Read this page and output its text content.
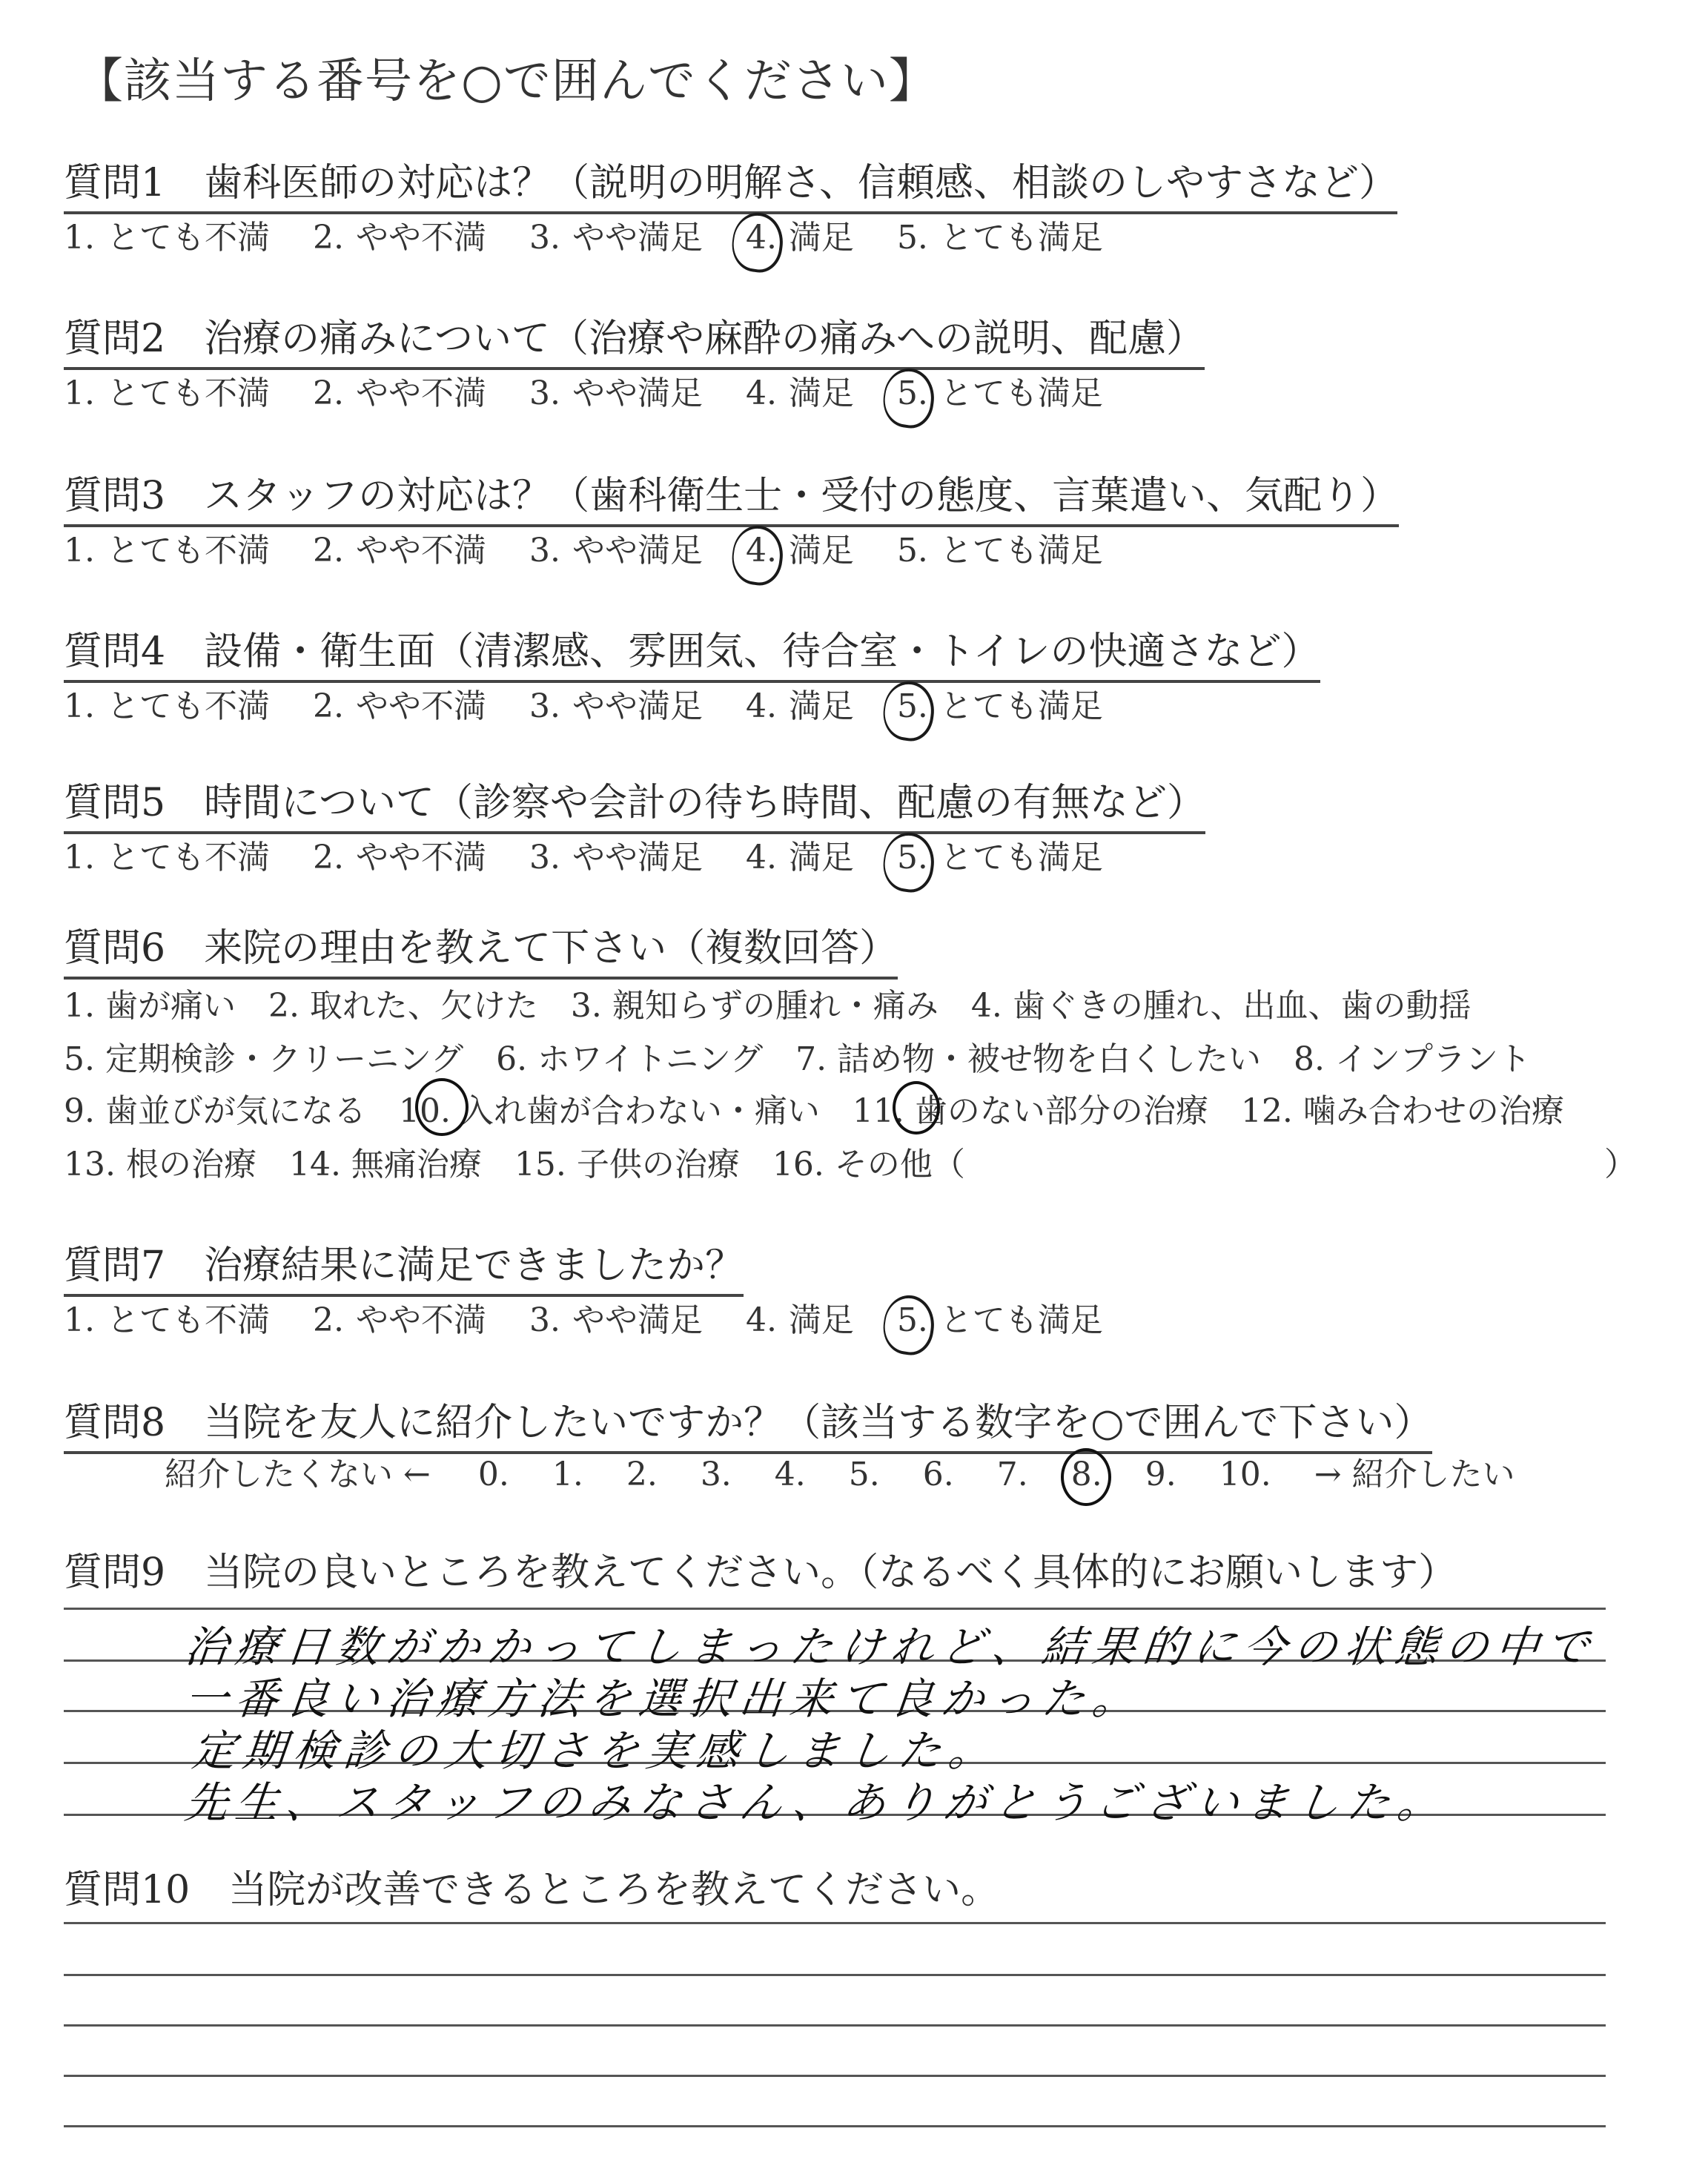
【該当する番号を○で囲んでください】
質問1　歯科医師の対応は？（説明の明解さ、信頼感、相談のしやすさなど）
1. とても不満 2. やや不満 3. やや満足 4. 満足 5. とても満足
質問2　治療の痛みについて（治療や麻酔の痛みへの説明、配慮）
1. とても不満 2. やや不満 3. やや満足 4. 満足 5. とても満足
質問3　スタッフの対応は？（歯科衛生士・受付の態度、言葉遣い、気配り）
1. とても不満 2. やや不満 3. やや満足 4. 満足 5. とても満足
質問4　設備・衛生面（清潔感、雰囲気、待合室・トイレの快適さなど）
1. とても不満 2. やや不満 3. やや満足 4. 満足 5. とても満足
質問5　時間について（診察や会計の待ち時間、配慮の有無など）
1. とても不満 2. やや不満 3. やや満足 4. 満足 5. とても満足
質問6　来院の理由を教えて下さい（複数回答）
1. 歯が痛い　2. 取れた、欠けた　3. 親知らずの腫れ・痛み　4. 歯ぐきの腫れ、出血、歯の動揺
5. 定期検診・クリーニング　6. ホワイトニング　7. 詰め物・被せ物を白くしたい　8. インプラント
9. 歯並びが気になる　10. 入れ歯が合わない・痛い　11. 歯のない部分の治療　12. 噛み合わせの治療
13. 根の治療　14. 無痛治療　15. 子供の治療　16. その他（	）
質問7　治療結果に満足できましたか？
1. とても不満 2. やや不満 3. やや満足 4. 満足 5. とても満足
質問8　当院を友人に紹介したいですか？（該当する数字を○で囲んで下さい）
紹介したくない ← 0. 1. 2. 3. 4. 5. 6. 7. 8. 9. 10. → 紹介したい
質問9　当院の良いところを教えてください。（なるべく具体的にお願いします）
治療日数がかかってしまったけれど、結果的に今の状態の中で
一番良い治療方法を選択出来て良かった。
定期検診の大切さを実感しました。
先生、スタッフのみなさん、ありがとうございました。
質問10　当院が改善できるところを教えてください。
